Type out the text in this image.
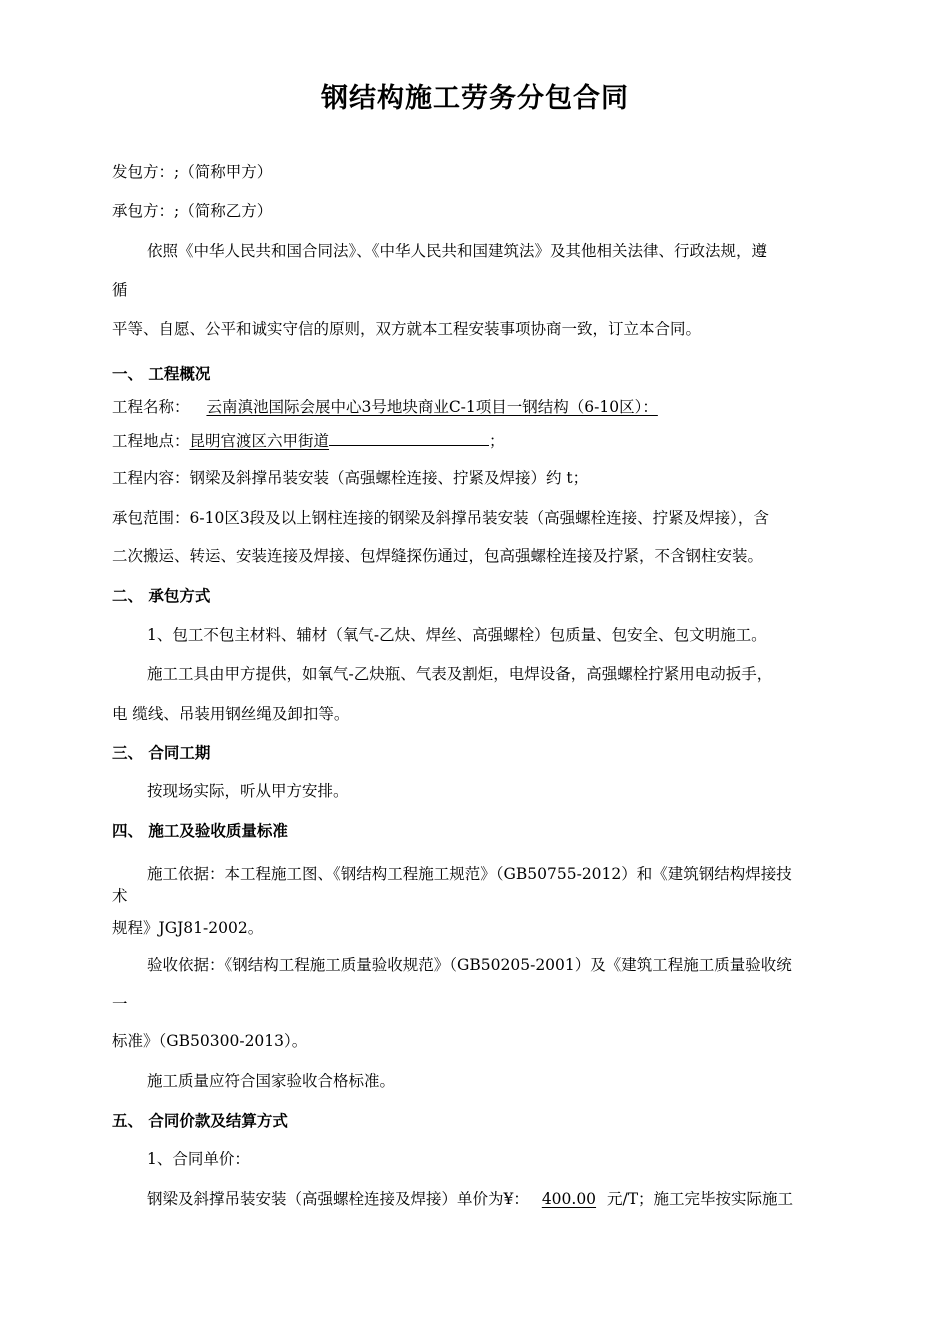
钢结构施工劳务分包合同
发包方：;（简称甲方）
承包方：;（简称乙方）
依照《中华人民共和国合同法》、《中华人民共和国建筑法》及其他相关法律、行政法规，遵
循
平等、自愿、公平和诚实守信的原则，双方就本工程安装事项协商一致，订立本合同。
一、 工程概况
工程名称： 云南滇池国际会展中心3号地块商业C-1项目一钢结构（6-10区）：
工程地点：昆明官渡区六甲街道	；
工程内容：钢梁及斜撑吊装安装（高强螺栓连接、拧紧及焊接）约 t；
承包范围：6-10区3段及以上钢柱连接的钢梁及斜撑吊装安装（高强螺栓连接、拧紧及焊接），含
二次搬运、转运、安装连接及焊接、包焊缝探伤通过，包高强螺栓连接及拧紧，不含钢柱安装。
二、 承包方式
1、包工不包主材料、辅材（氧气-乙炔、焊丝、高强螺栓）包质量、包安全、包文明施工。
施工工具由甲方提供，如氧气-乙炔瓶、气表及割炬，电焊设备，高强螺栓拧紧用电动扳手，
电 缆线、吊装用钢丝绳及卸扣等。
三、 合同工期
按现场实际，听从甲方安排。
四、 施工及验收质量标准
施工依据：本工程施工图、《钢结构工程施工规范》（GB50755-2012）和《建筑钢结构焊接技
术
规程》JGJ81-2002。
验收依据：《钢结构工程施工质量验收规范》（GB50205-2001）及《建筑工程施工质量验收统
一
标准》（GB50300-2013）。
施工质量应符合国家验收合格标准。
五、 合同价款及结算方式
1、合同单价：
钢梁及斜撑吊装安装（高强螺栓连接及焊接）单价为¥： 400.00 元/T；施工完毕按实际施工
